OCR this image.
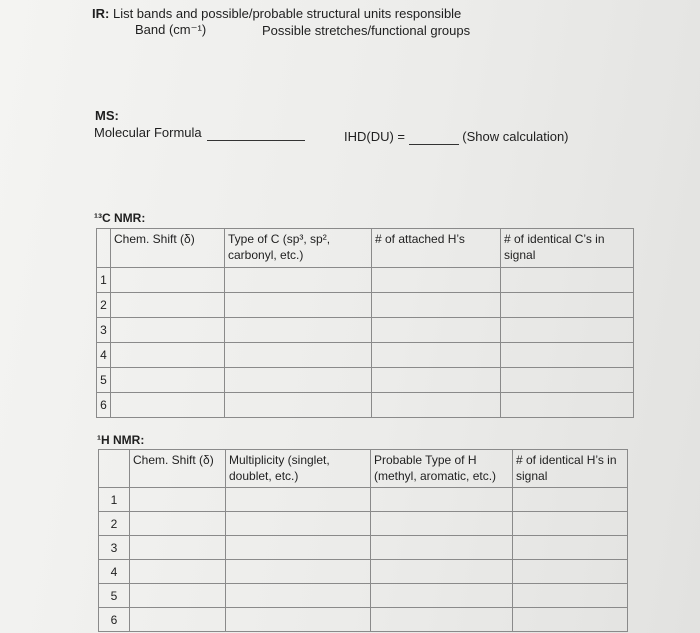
IR: List bands and possible/probable structural units responsible
Band (cm⁻¹)	Possible stretches/functional groups
MS:
Molecular Formula	IHD(DU) =	(Show calculation)
¹³C NMR:
	Chem. Shift (δ)	Type of C (sp³, sp², carbonyl, etc.)	# of attached H’s	# of identical C’s in signal
1				
2				
3				
4				
5				
6				
¹H NMR:
	Chem. Shift (δ)	Multiplicity (singlet, doublet, etc.)	Probable Type of H (methyl, aromatic, etc.)	# of identical H’s in signal
1				
2				
3				
4				
5				
6				
